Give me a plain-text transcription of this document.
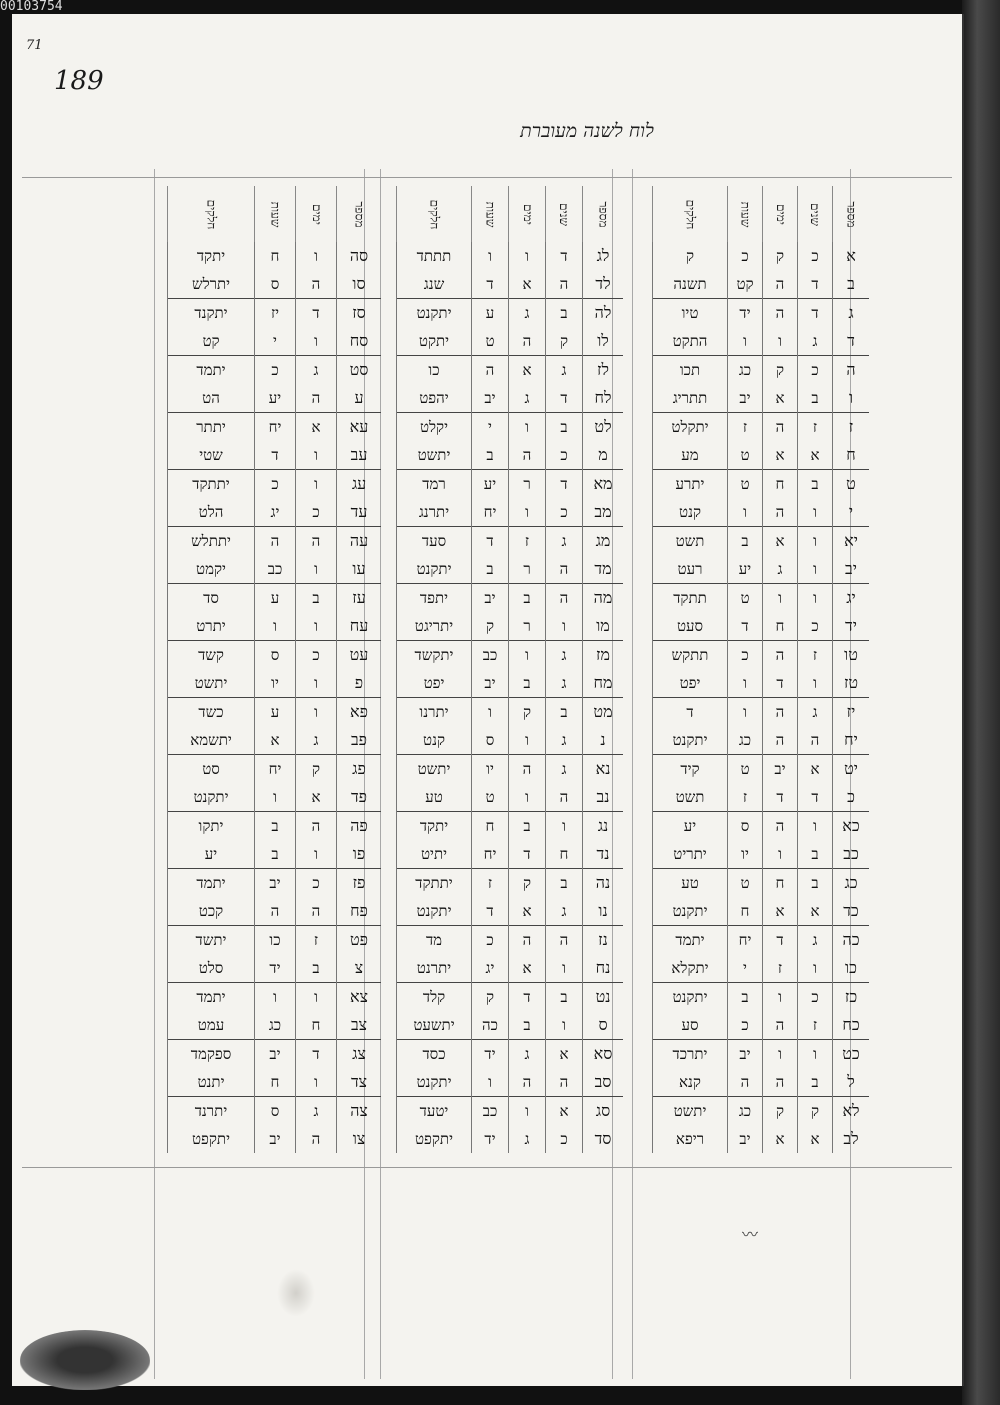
00103754
71
189
לוח לשנה מעוברת
מספר	שנים	ימים	שעות	חלקים
א	כ	ק	כ	ק
ב	ד	ה	קט	תשנה
ג	ד	ה	יד	טיו
ד	ג	ו	ו	התקט
ה	כ	ק	כג	תכו
ו	ב	א	יב	תתריג
ז	ז	ה	ז	יתקלט
ח	א	א	ט	מע
ט	ב	ח	ט	יתרע
י	ו	ה	ו	קנט
יא	ו	א	ב	תשט
יב	ו	ג	יע	רעט
יג	ו	ו	ט	תתקד
יד	כ	ח	ד	סעט
טו	ז	ה	כ	תתקש
טז	ו	ד	ו	יפט
יז	ג	ה	ו	ד
יח	ה	ה	כג	יתקנט
יט	א	יב	ט	קיד
כ	ד	ד	ז	תשט
כא	ו	ה	ס	יע
כב	ב	ו	יו	יתריט
כג	ב	ח	ט	טע
כד	א	א	ח	יתקנט
כה	ג	ד	יח	יתמד
כו	ו	ז	י	יתקלא
כז	כ	ו	ב	יתקנט
כח	ז	ה	כ	סע
כט	ו	ו	יב	יתרכד
ל	ב	ה	ה	קנא
לא	ק	ק	כג	יתשט
לב	א	א	יב	ריפא
מספר	שנים	ימים	שעות	חלקים
לג	ד	ו	ו	תתתד
לד	ה	א	ד	שנג
לה	ב	ג	ע	יתקנט
לו	ק	ה	ט	יתקט
לז	ג	א	ה	כו
לח	ד	ג	יב	יהפט
לט	ב	ו	י	יקלט
מ	כ	ה	ב	יתשט
מא	ד	ר	יע	רמד
מב	כ	ו	יח	יתרנג
מג	ג	ז	ד	סעד
מד	ה	ר	ב	יתקנט
מה	ה	ב	יב	יתפד
מו	ו	ר	ק	יתריגט
מז	ג	ו	כב	יתקשד
מח	ג	ב	יב	יפט
מט	ב	ק	ו	יתרנו
נ	ג	ו	ס	קנט
נא	ג	ה	יו	יתשט
נב	ה	ו	ט	טע
נג	ו	ב	ח	יתקד
נד	ח	ד	יח	יתיט
נה	ב	ק	ז	יתתקד
נו	ג	א	ד	יתקנט
נז	ה	ה	כ	מד
נח	ו	א	יג	יתרנט
נט	ב	ד	ק	קלד
ס	ו	ב	כה	יתשעט
סא	א	ג	יד	כסד
סב	ה	ה	ו	יתקנט
סג	א	ו	כב	יטעד
סד	כ	ג	יד	יתקפט
מספר	ימים	שעות	חלקים
סה	ו	ח	יתקד
סו	ה	ס	יתרלש
סז	ד	יז	יתקנד
סח	ו	י	קט
סט	ג	כ	יתמד
ע	ה	יע	הט
עא	א	יח	יתתר
עב	ו	ד	שטי
עג	ו	כ	יתתקד
עד	כ	יג	הלט
עה	ה	ה	יתתלש
עו	ו	כב	יקמט
עז	ב	ע	סד
עח	ו	ו	יתרט
עט	כ	ס	קשד
פ	ו	יו	יתשט
פא	ו	ע	כשד
פב	ג	א	יתשמא
פג	ק	יח	סט
פד	א	ו	יתקנט
פה	ה	ב	יתקו
פו	ו	ב	יע
פז	כ	יב	יתמד
פח	ה	ה	קכט
פט	ז	כו	יתשד
צ	ב	יד	סלט
צא	ו	ו	יתמד
צב	ח	כג	עמט
צג	ד	יב	ספקמד
צד	ו	ח	יתנט
צה	ג	ס	יתרנד
צו	ה	יב	יתקפט
〰
